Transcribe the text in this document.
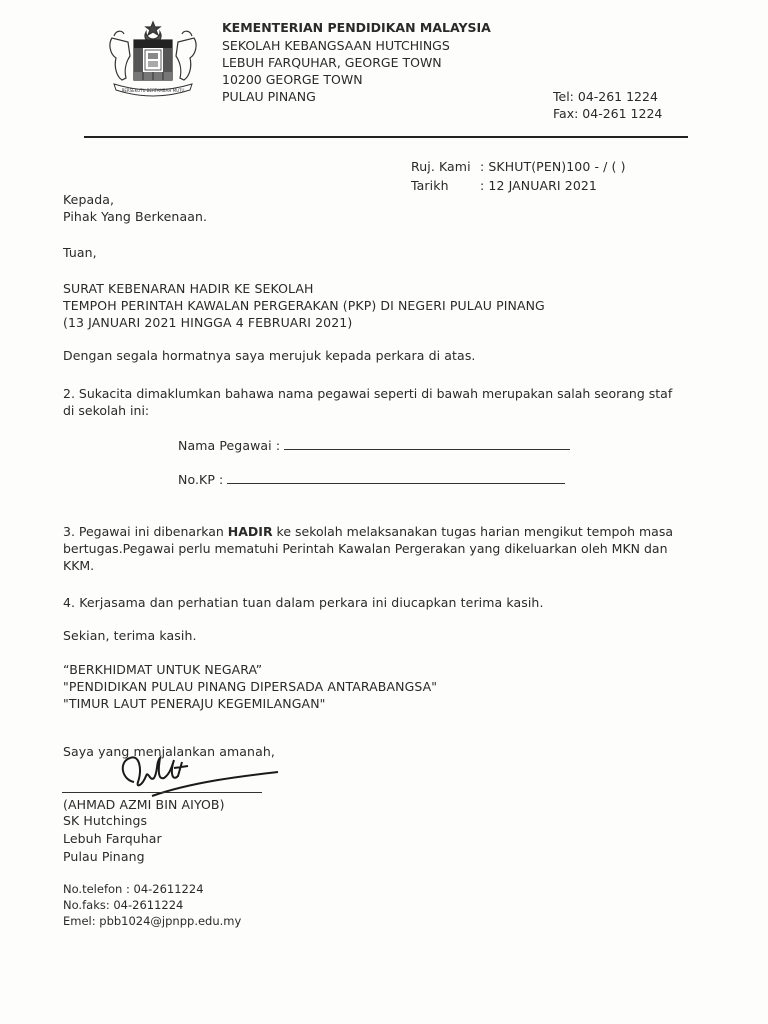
BERSEKUTU BERTAMBAH MUTU
KEMENTERIAN PENDIDIKAN MALAYSIA
SEKOLAH KEBANGSAAN HUTCHINGS
LEBUH FARQUHAR, GEORGE TOWN
10200 GEORGE TOWN
PULAU PINANG	Tel: 04-261 1224
Fax: 04-261 1224
Ruj. Kami : SKHUT(PEN)100 - / ( )
Tarikh	: 12 JANUARI 2021
Kepada,
Pihak Yang Berkenaan.
Tuan,
SURAT KEBENARAN HADIR KE SEKOLAH
TEMPOH PERINTAH KAWALAN PERGERAKAN (PKP) DI NEGERI PULAU PINANG
(13 JANUARI 2021 HINGGA 4 FEBRUARI 2021)
Dengan segala hormatnya saya merujuk kepada perkara di atas.
2. Sukacita dimaklumkan bahawa nama pegawai seperti di bawah merupakan salah seorang staf di sekolah ini:
Nama Pegawai :
No.KP :
3. Pegawai ini dibenarkan HADIR ke sekolah melaksanakan tugas harian mengikut tempoh masa bertugas.Pegawai perlu mematuhi Perintah Kawalan Pergerakan yang dikeluarkan oleh MKN dan KKM.
4. Kerjasama dan perhatian tuan dalam perkara ini diucapkan terima kasih.
Sekian, terima kasih.
“BERKHIDMAT UNTUK NEGARA”
"PENDIDIKAN PULAU PINANG DIPERSADA ANTARABANGSA"
"TIMUR LAUT PENERAJU KEGEMILANGAN"
Saya yang menjalankan amanah,
(AHMAD AZMI BIN AIYOB)
SK Hutchings
Lebuh Farquhar
Pulau Pinang
No.telefon : 04-2611224
No.faks: 04-2611224
Emel: pbb1024@jpnpp.edu.my
